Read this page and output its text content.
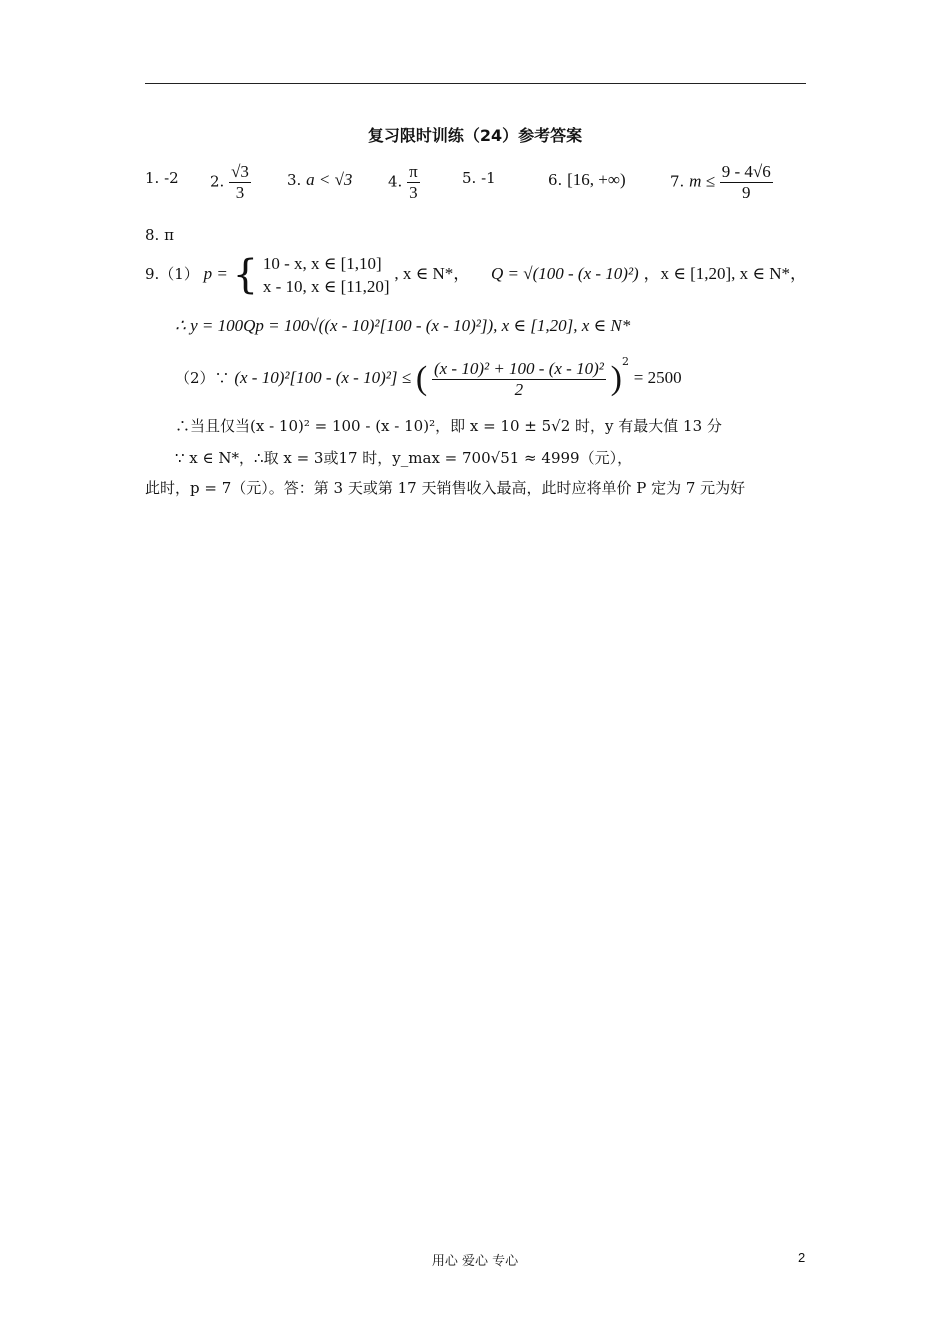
复习限时训练（24）参考答案
1. -2 2. $\frac{√3}{3} 3$. a < √3 4. $\frac{\pi}{3}$	5. -1	6. [16, +∞)	7. $m \le \frac{9 - 4√6}{9}$
8. π
9.（1） p = { 10 - x, x ∈ [1,10]
x - 10, x ∈ [11,20]
, x ∈ N*， Q = √(100 - (x - 10)²) ，x ∈ [1,20], x ∈ N*，
∴ y = 100Qp = 100√((x - 10)²[100 - (x - 10)²]), x ∈ [1,20], x ∈ N*
（2）∵ (x - 10)²[100 - (x - 10)²] ≤ ( $\frac{\text{(x - 10)² + 100 - (x - 10)²}}{2} )^2 = 2500$
∴当且仅当(x - 10)² = 100 - (x - 10)²，即 x = 10 ± 5√2 时，y 有最大值 13 分
∵ x ∈ N*，∴取 x = 3或17 时，y_max = 700√51 ≈ 4999（元），
此时，p = 7（元）。答：第 3 天或第 17 天销售收入最高，此时应将单价 P 定为 7 元为好
用心 爱心 专心	2
